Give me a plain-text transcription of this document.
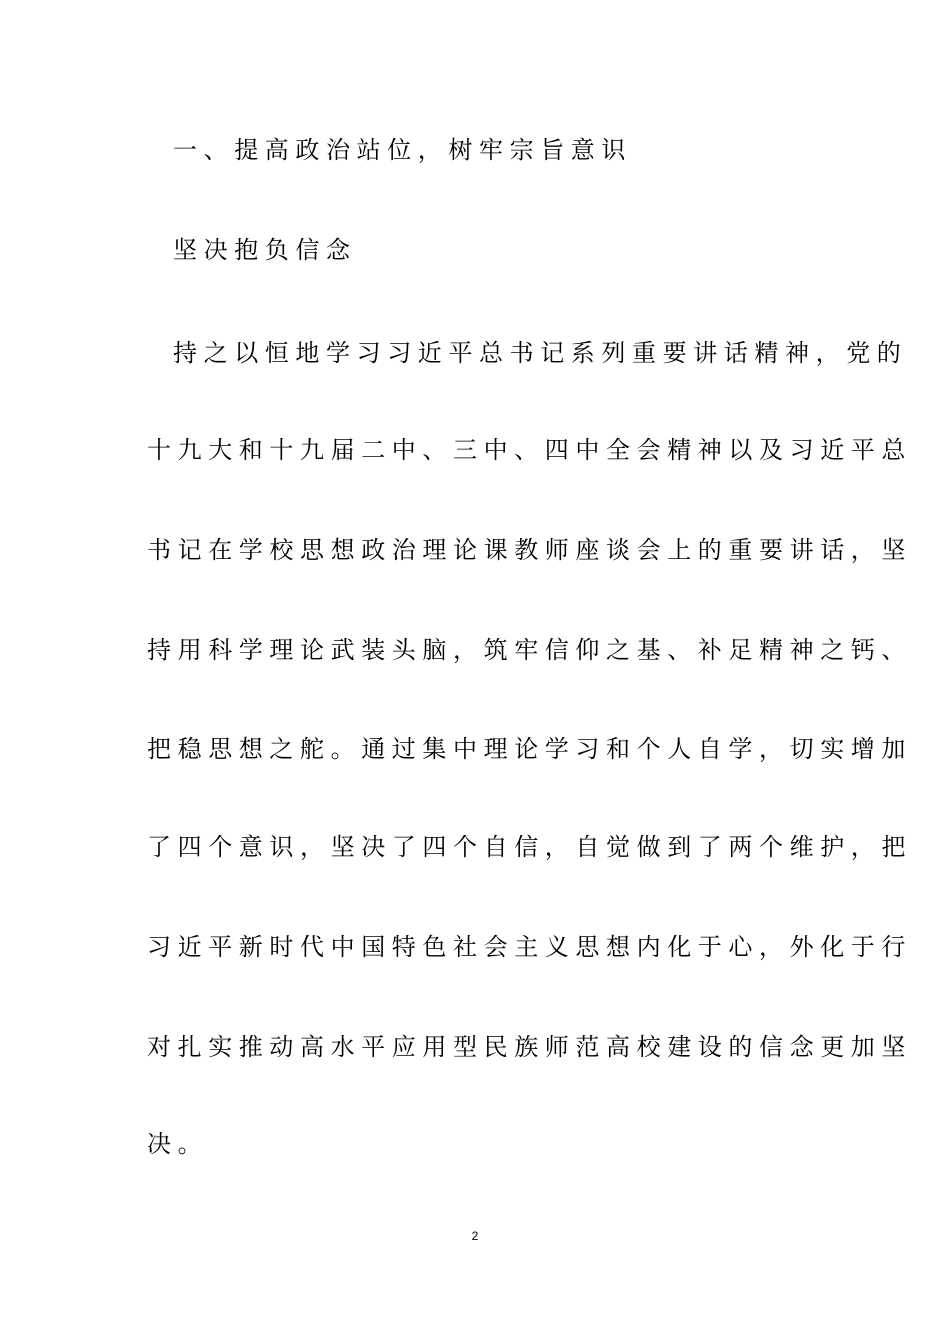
一、提高政治站位，树牢宗旨意识
坚决抱负信念
持之以恒地学习习近平总书记系列重要讲话精神，党的
十九大和十九届二中、三中、四中全会精神以及习近平总
书记在学校思想政治理论课教师座谈会上的重要讲话，坚
持用科学理论武装头脑，筑牢信仰之基、补足精神之钙、
把稳思想之舵。通过集中理论学习和个人自学，切实增加
了四个意识，坚决了四个自信，自觉做到了两个维护，把
习近平新时代中国特色社会主义思想内化于心，外化于行
对扎实推动高水平应用型民族师范高校建设的信念更加坚
决。
2
